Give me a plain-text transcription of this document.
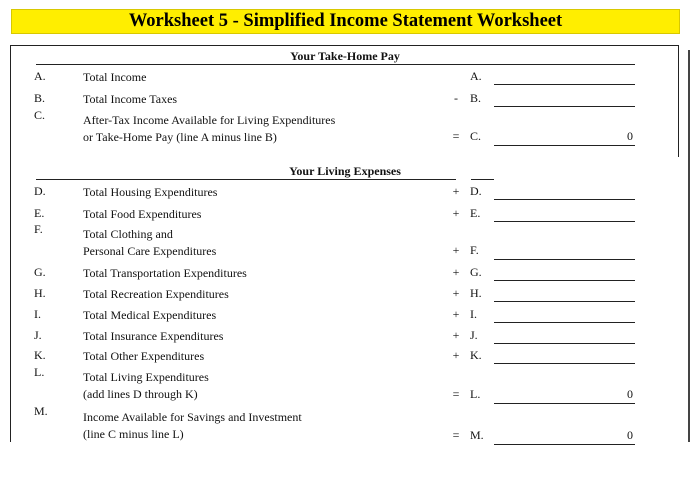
Worksheet 5 - Simplified Income Statement Worksheet
Your Take-Home Pay
A.	Total Income	A.
B.	Total Income Taxes	- B.
C.	After-Tax Income Available for Living Expenditures
or Take-Home Pay (line A minus line B)	= C.	0
Your Living Expenses
D.	Total Housing Expenditures	+ D.
E.	Total Food Expenditures	+ E.
F.	Total Clothing and
Personal Care Expenditures	+ F.
G.	Total Transportation Expenditures	+ G.
H.	Total Recreation Expenditures	+ H.
I.	Total Medical Expenditures	+ I.
J.	Total Insurance Expenditures	+ J.
K.	Total Other Expenditures	+ K.
L.	Total Living Expenditures
(add lines D through K)	= L.	0
M.	Income Available for Savings and Investment
(line C minus line L)	= M.	0
